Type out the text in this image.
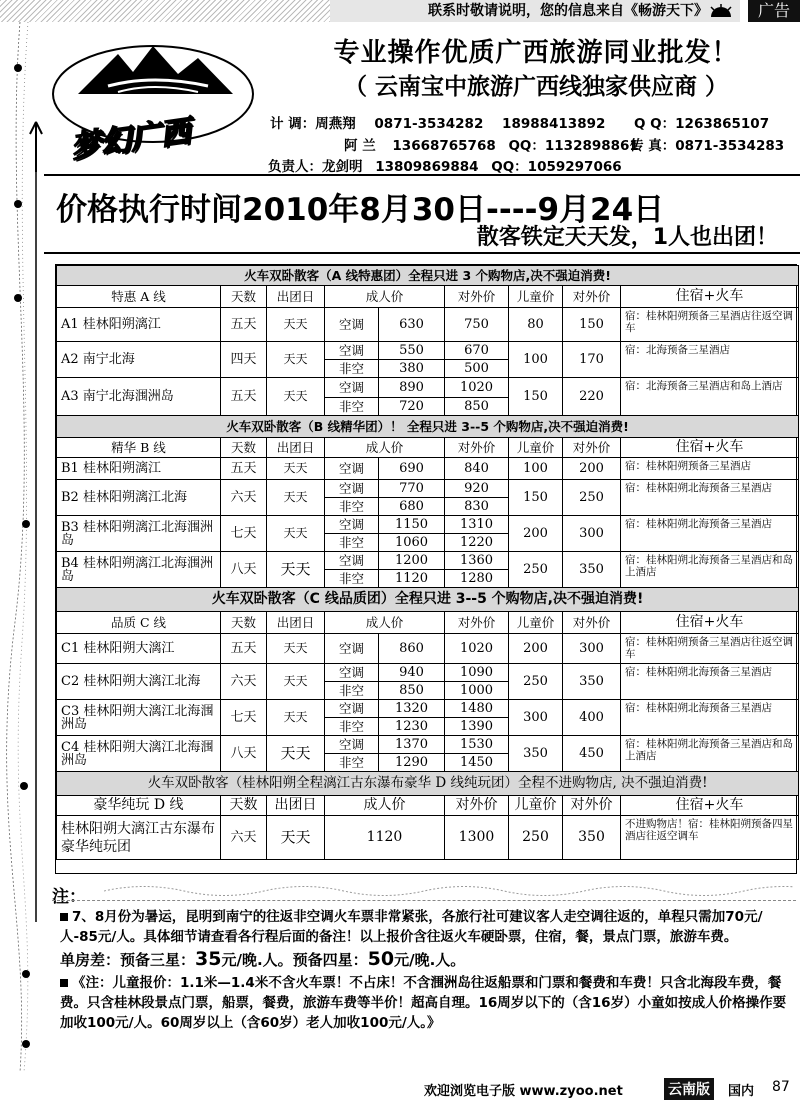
联系时敬请说明，您的信息来自《畅游天下》	广告
梦幻广西
专业操作优质广西旅游同业批发！
（ 云南宝中旅游广西线独家供应商 ）
计 调：周燕翔 0871-3534282 18988413892 Q Q：1263865107
阿 兰 13668765768 QQ：1132898861
传 真：0871-3534283
负责人：龙剑明 13809869884 QQ：1059297066
价格执行时间2010年8月30日----9月24日
散客铁定天天发，1人也出团！
火车双卧散客（A 线特惠团）全程只进 3 个购物店,决不强迫消费!								
特惠 A 线	天数	出团日	成人价		对外价	儿童价	对外价	住宿+火车
A1 桂林阳朔漓江	五天	天天	空调	630	750	80	150	宿：桂林阳朔预备三星酒店往返空调车
A2 南宁北海	四天	天天	空调	550	670	100	170	宿：北海预备三星酒店
			非空	380	500			
A3 南宁北海涠洲岛	五天	天天	空调	890	1020	150	220	宿：北海预备三星酒店和岛上酒店
			非空	720	850			
火车双卧散客（B 线精华团）！ 全程只进 3--5 个购物店,决不强迫消费!								
精华 B 线	天数	出团日	成人价		对外价	儿童价	对外价	住宿+火车
B1 桂林阳朔漓江	五天	天天	空调	690	840	100	200	宿：桂林阳朔预备三星酒店
B2 桂林阳朔漓江北海	六天	天天	空调	770	920	150	250	宿：桂林阳朔北海预备三星酒店
			非空	680	830			
B3 桂林阳朔漓江北海涠洲岛	七天	天天	空调	1150	1310	200	300	宿：桂林阳朔北海预备三星酒店
			非空	1060	1220			
B4 桂林阳朔漓江北海涠洲岛	八天	天天	空调	1200	1360	250	350	宿：桂林阳朔北海预备三星酒店和岛上酒店
			非空	1120	1280			
火车双卧散客（C 线品质团）全程只进 3--5 个购物店,决不强迫消费!								
品质 C 线	天数	出团日	成人价		对外价	儿童价	对外价	住宿+火车
C1 桂林阳朔大漓江	五天	天天	空调	860	1020	200	300	宿：桂林阳朔预备三星酒店往返空调车
C2 桂林阳朔大漓江北海	六天	天天	空调	940	1090	250	350	宿：桂林阳朔北海预备三星酒店
			非空	850	1000			
C3 桂林阳朔大漓江北海涠洲岛	七天	天天	空调	1320	1480	300	400	宿：桂林阳朔北海预备三星酒店
			非空	1230	1390			
C4 桂林阳朔大漓江北海涠洲岛	八天	天天	空调	1370	1530	350	450	宿：桂林阳朔北海预备三星酒店和岛上酒店
			非空	1290	1450			
火车双卧散客（桂林阳朔全程漓江古东瀑布豪华 D 线纯玩团）全程不进购物店, 决不强迫消费!								
豪华纯玩 D 线	天数	出团日	成人价		对外价	儿童价	对外价	住宿+火车
桂林阳朔大漓江古东瀑布豪华纯玩团	六天	天天	1120		1300	250	350	不进购物店！宿：桂林阳朔预备四星酒店往返空调车
注：

7、8月份为暑运，昆明到南宁的往返非空调火车票非常紧张，各旅行社可建议客人走空调往返的，单程只需加70元/人-85元/人。具体细节请查看各行程后面的备注！以上报价含往返火车硬卧票，住宿，餐，景点门票，旅游车费。

单房差：预备三星：35元/晚.人。预备四星：50元/晚.人。

《注：儿童报价：1.1米—1.4米不含火车票！不占床！不含涠洲岛往返船票和门票和餐费和车费！只含北海段车费，餐费。只含桂林段景点门票，船票，餐费，旅游车费等半价！超高自理。16周岁以下的（含16岁）小童如按成人价格操作要加收100元/人。60周岁以上（含60岁）老人加收100元/人。》

欢迎浏览电子版 www.zyoo.net	云南版	国内 87
